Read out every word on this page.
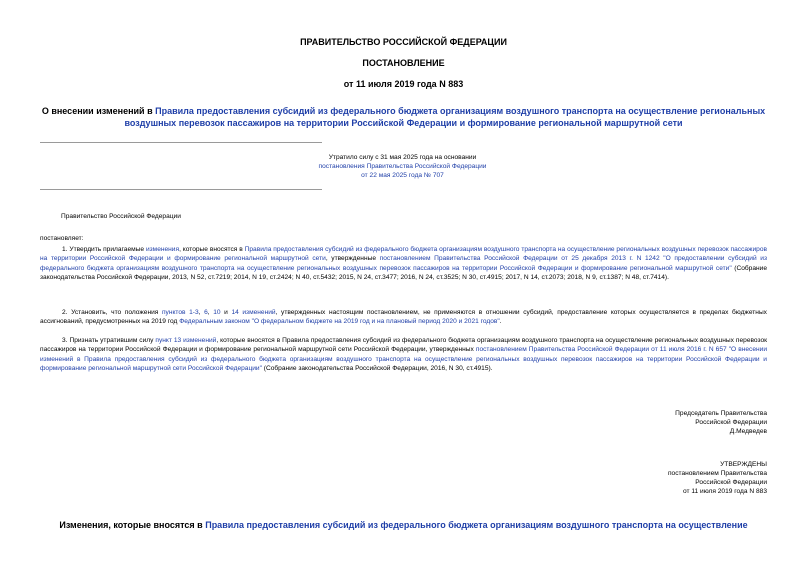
ПРАВИТЕЛЬСТВО РОССИЙСКОЙ ФЕДЕРАЦИИ
ПОСТАНОВЛЕНИЕ
от 11 июля 2019 года N 883
О внесении изменений в Правила предоставления субсидий из федерального бюджета организациям воздушного транспорта на осуществление региональных воздушных перевозок пассажиров на территории Российской Федерации и формирование региональной маршрутной сети
Утратило силу с 31 мая 2025 года на основании
постановления Правительства Российской Федерации
от 22 мая 2025 года № 707
Правительство Российской Федерации
постановляет:
1. Утвердить прилагаемые изменения, которые вносятся в Правила предоставления субсидий из федерального бюджета организациям воздушного транспорта на осуществление региональных воздушных перевозок пассажиров на территории Российской Федерации и формирование региональной маршрутной сети, утвержденные постановлением Правительства Российской Федерации от 25 декабря 2013 г. N 1242 "О предоставлении субсидий из федерального бюджета организациям воздушного транспорта на осуществление региональных воздушных перевозок пассажиров на территории Российской Федерации и формирование региональной маршрутной сети" (Собрание законодательства Российской Федерации, 2013, N 52, ст.7219; 2014, N 19, ст.2424; N 40, ст.5432; 2015, N 24, ст.3477; 2016, N 24, ст.3525; N 30, ст.4915; 2017, N 14, ст.2073; 2018, N 9, ст.1387; N 48, ст.7414).
2. Установить, что положения пунктов 1-3, 6, 10 и 14 изменений, утвержденных настоящим постановлением, не применяются в отношении субсидий, предоставление которых осуществляется в пределах бюджетных ассигнований, предусмотренных на 2019 год Федеральным законом "О федеральном бюджете на 2019 год и на плановый период 2020 и 2021 годов".
3. Признать утратившим силу пункт 13 изменений, которые вносятся в Правила предоставления субсидий из федерального бюджета организациям воздушного транспорта на осуществление региональных воздушных перевозок пассажиров на территории Российской Федерации и формирование региональной маршрутной сети Российской Федерации, утвержденных постановлением Правительства Российской Федерации от 11 июля 2016 г. N 657 "О внесении изменений в Правила предоставления субсидий из федерального бюджета организациям воздушного транспорта на осуществление региональных воздушных перевозок пассажиров на территории Российской Федерации и формирование региональной маршрутной сети Российской Федерации" (Собрание законодательства Российской Федерации, 2016, N 30, ст.4915).
Председатель Правительства
Российской Федерации
Д.Медведев
УТВЕРЖДЕНЫ
постановлением Правительства
Российской Федерации
от 11 июля 2019 года N 883
Изменения, которые вносятся в Правила предоставления субсидий из федерального бюджета организациям воздушного транспорта на осуществление
